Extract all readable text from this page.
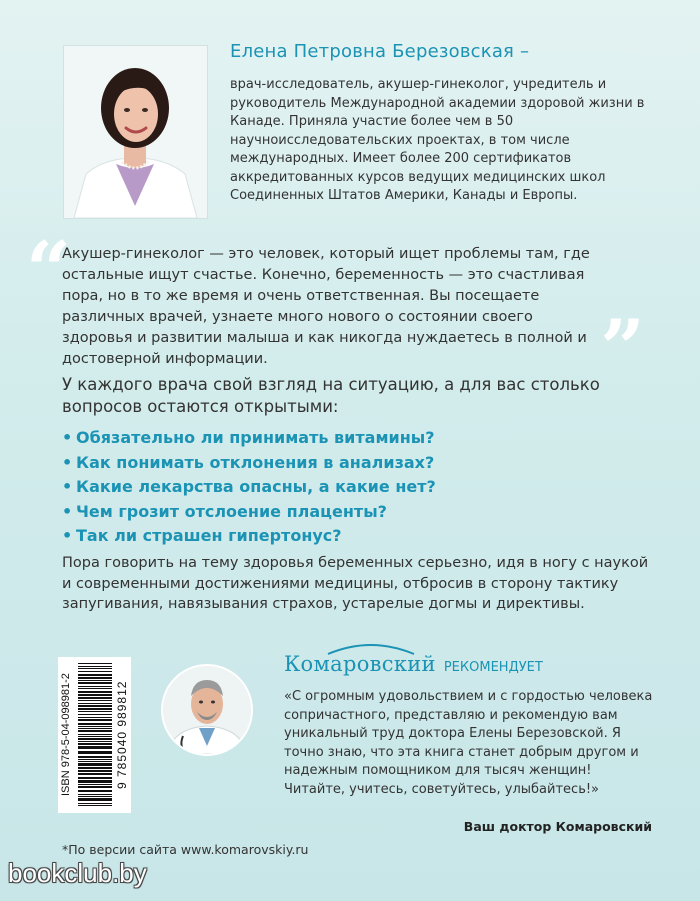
Елена Петровна Березовская –
врач-исследователь, акушер-гинеколог, учредитель и руководитель Международной академии здоровой жизни в Канаде. Приняла участие более чем в 50 научноисследовательских проектах, в том числе международных. Имеет более 200 сертификатов аккредитованных курсов ведущих медицинских школ Соединенных Штатов Америки, Канады и Европы.
“
Акушер-гинеколог — это человек, который ищет проблемы там, где остальные ищут счастье. Конечно, беременность — это счастливая пора, но в то же время и очень ответственная. Вы посещаете различных врачей, узнаете много нового о состоянии своего здоровья и развитии малыша и как никогда нуждаетесь в полной и достоверной информации.	”
У каждого врача свой взгляд на ситуацию, а для вас столько вопросов остаются открытыми:
• Обязательно ли принимать витамины?
• Как понимать отклонения в анализах?
• Какие лекарства опасны, а какие нет?
• Чем грозит отслоение плаценты?
• Так ли страшен гипертонус?
Пора говорить на тему здоровья беременных серьезно, идя в ногу с наукой и современными достижениями медицины, отбросив в сторону тактику запугивания, навязывания страхов, устарелые догмы и директивы.
ISBN 978-5-04-098981-2	9 785040 989812
Комаровский РЕКОМЕНДУЕТ
«С огромным удовольствием и с гордостью человека сопричастного, представляю и рекомендую вам уникальный труд доктора Елены Березовской. Я точно знаю, что эта книга станет добрым другом и надежным помощником для тысяч женщин! Читайте, учитесь, советуйтесь, улыбайтесь!»
Ваш доктор Комаровский
*По версии сайта www.komarovskiy.ru
bookclub.by
